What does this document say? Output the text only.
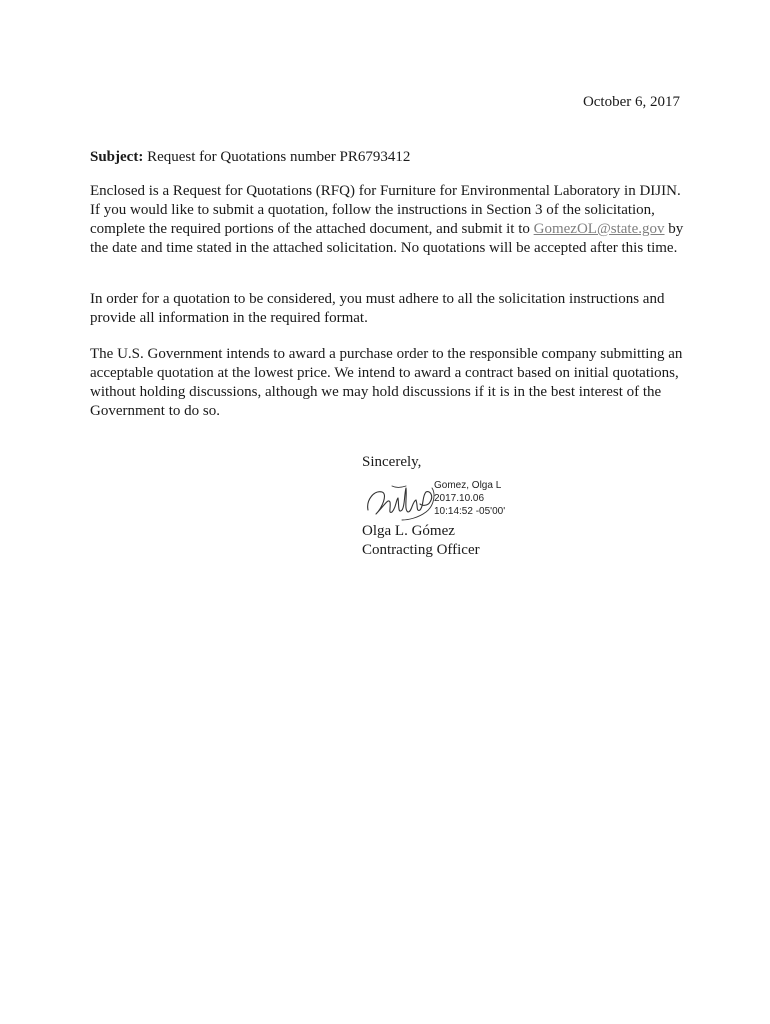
October 6, 2017
Subject: Request for Quotations number PR6793412
Enclosed is a Request for Quotations (RFQ) for Furniture for Environmental Laboratory in DIJIN. If you would like to submit a quotation, follow the instructions in Section 3 of the solicitation, complete the required portions of the attached document, and submit it to GomezOL@state.gov by the date and time stated in the attached solicitation. No quotations will be accepted after this time.
In order for a quotation to be considered, you must adhere to all the solicitation instructions and provide all information in the required format.
The U.S. Government intends to award a purchase order to the responsible company submitting an acceptable quotation at the lowest price. We intend to award a contract based on initial quotations, without holding discussions, although we may hold discussions if it is in the best interest of the Government to do so.
Sincerely,
Gomez, Olga L
2017.10.06
10:14:52 -05'00'
Olga L. Gómez
Contracting Officer
